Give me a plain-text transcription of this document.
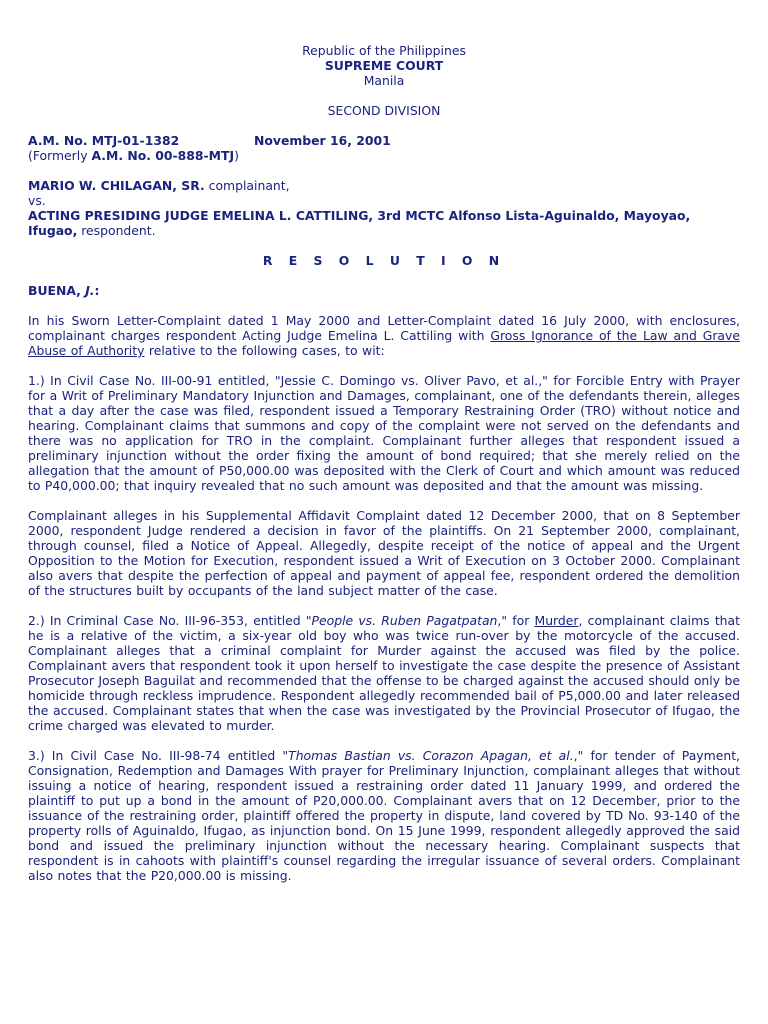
Republic of the Philippines

SUPREME COURT

Manila

SECOND DIVISION

A.M. No. MTJ-01-1382	November 16, 2001

(Formerly A.M. No. 00-888-MTJ)

MARIO W. CHILAGAN, SR. complainant,

vs.

ACTING PRESIDING JUDGE EMELINA L. CATTILING, 3rd MCTC Alfonso Lista-Aguinaldo, Mayoyao, Ifugao, respondent.

R E S O L U T I O N

BUENA, J.:

In his Sworn Letter-Complaint dated 1 May 2000 and Letter-Complaint dated 16 July 2000, with enclosures, complainant charges respondent Acting Judge Emelina L. Cattiling with Gross Ignorance of the Law and Grave Abuse of Authority relative to the following cases, to wit:

1.) In Civil Case No. III-00-91 entitled, "Jessie C. Domingo vs. Oliver Pavo, et al.," for Forcible Entry with Prayer for a Writ of Preliminary Mandatory Injunction and Damages, complainant, one of the defendants therein, alleges that a day after the case was filed, respondent issued a Temporary Restraining Order (TRO) without notice and hearing. Complainant claims that summons and copy of the complaint were not served on the defendants and there was no application for TRO in the complaint. Complainant further alleges that respondent issued a preliminary injunction without the order fixing the amount of bond required; that she merely relied on the allegation that the amount of P50,000.00 was deposited with the Clerk of Court and which amount was reduced to P40,000.00; that inquiry revealed that no such amount was deposited and that the amount was missing.

Complainant alleges in his Supplemental Affidavit Complaint dated 12 December 2000, that on 8 September 2000, respondent Judge rendered a decision in favor of the plaintiffs. On 21 September 2000, complainant, through counsel, filed a Notice of Appeal. Allegedly, despite receipt of the notice of appeal and the Urgent Opposition to the Motion for Execution, respondent issued a Writ of Execution on 3 October 2000. Complainant also avers that despite the perfection of appeal and payment of appeal fee, respondent ordered the demolition of the structures built by occupants of the land subject matter of the case.

2.) In Criminal Case No. III-96-353, entitled "People vs. Ruben Pagatpatan," for Murder, complainant claims that he is a relative of the victim, a six-year old boy who was twice run-over by the motorcycle of the accused. Complainant alleges that a criminal complaint for Murder against the accused was filed by the police. Complainant avers that respondent took it upon herself to investigate the case despite the presence of Assistant Prosecutor Joseph Baguilat and recommended that the offense to be charged against the accused should only be homicide through reckless imprudence. Respondent allegedly recommended bail of P5,000.00 and later released the accused. Complainant states that when the case was investigated by the Provincial Prosecutor of Ifugao, the crime charged was elevated to murder.

3.) In Civil Case No. III-98-74 entitled "Thomas Bastian vs. Corazon Apagan, et al.," for tender of Payment, Consignation, Redemption and Damages With prayer for Preliminary Injunction, complainant alleges that without issuing a notice of hearing, respondent issued a restraining order dated 11 January 1999, and ordered the plaintiff to put up a bond in the amount of P20,000.00. Complainant avers that on 12 December, prior to the issuance of the restraining order, plaintiff offered the property in dispute, land covered by TD No. 93-140 of the property rolls of Aguinaldo, Ifugao, as injunction bond. On 15 June 1999, respondent allegedly approved the said bond and issued the preliminary injunction without the necessary hearing. Complainant suspects that respondent is in cahoots with plaintiff's counsel regarding the irregular issuance of several orders. Complainant also notes that the P20,000.00 is missing.
